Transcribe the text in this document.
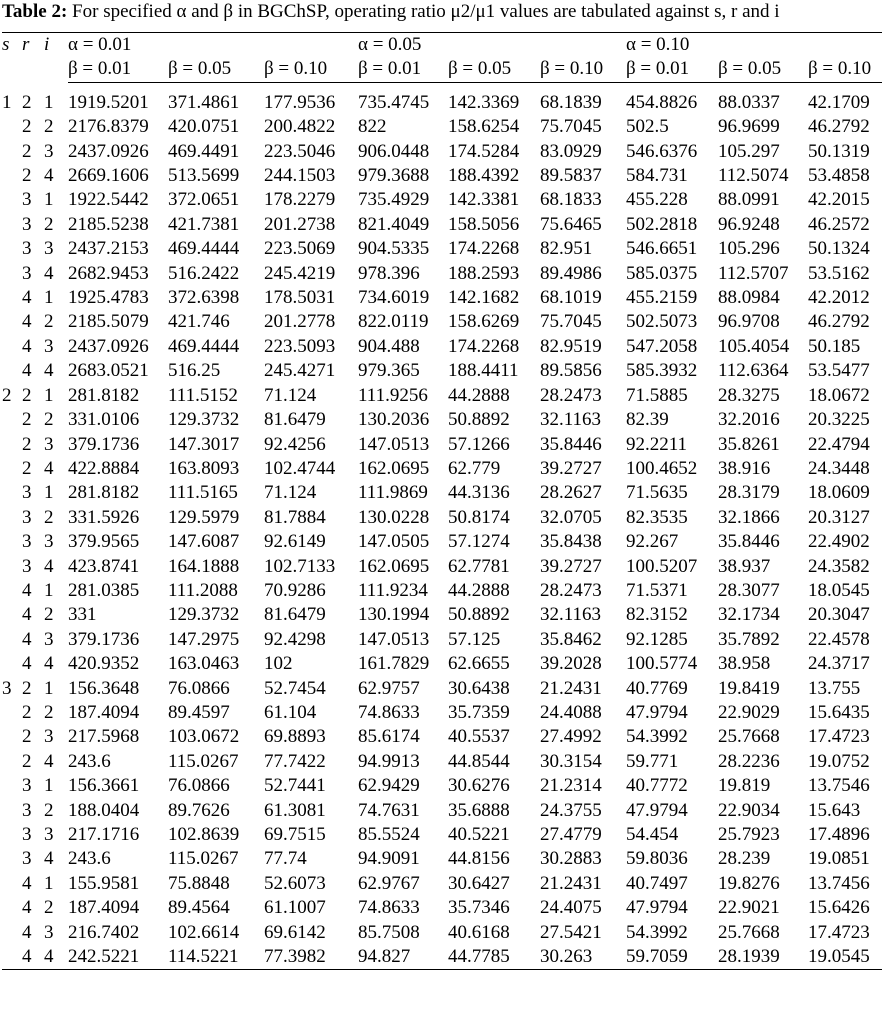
Table 2: For specified α and β in BGChSP, operating ratio μ2/μ1 values are tabulated against s, r and i

s	r	i	α = 0.01			α = 0.05			α = 0.10		
			β = 0.01	β = 0.05	β = 0.10	β = 0.01	β = 0.05	β = 0.10	β = 0.01	β = 0.05	β = 0.10
1	2	1	1919.5201	371.4861	177.9536	735.4745	142.3369	68.1839	454.8826	88.0337	42.1709
	2	2	2176.8379	420.0751	200.4822	822	158.6254	75.7045	502.5	96.9699	46.2792
	2	3	2437.0926	469.4491	223.5046	906.0448	174.5284	83.0929	546.6376	105.297	50.1319
	2	4	2669.1606	513.5699	244.1503	979.3688	188.4392	89.5837	584.731	112.5074	53.4858
	3	1	1922.5442	372.0651	178.2279	735.4929	142.3381	68.1833	455.228	88.0991	42.2015
	3	2	2185.5238	421.7381	201.2738	821.4049	158.5056	75.6465	502.2818	96.9248	46.2572
	3	3	2437.2153	469.4444	223.5069	904.5335	174.2268	82.951	546.6651	105.296	50.1324
	3	4	2682.9453	516.2422	245.4219	978.396	188.2593	89.4986	585.0375	112.5707	53.5162
	4	1	1925.4783	372.6398	178.5031	734.6019	142.1682	68.1019	455.2159	88.0984	42.2012
	4	2	2185.5079	421.746	201.2778	822.0119	158.6269	75.7045	502.5073	96.9708	46.2792
	4	3	2437.0926	469.4444	223.5093	904.488	174.2268	82.9519	547.2058	105.4054	50.185
	4	4	2683.0521	516.25	245.4271	979.365	188.4411	89.5856	585.3932	112.6364	53.5477
2	2	1	281.8182	111.5152	71.124	111.9256	44.2888	28.2473	71.5885	28.3275	18.0672
	2	2	331.0106	129.3732	81.6479	130.2036	50.8892	32.1163	82.39	32.2016	20.3225
	2	3	379.1736	147.3017	92.4256	147.0513	57.1266	35.8446	92.2211	35.8261	22.4794
	2	4	422.8884	163.8093	102.4744	162.0695	62.779	39.2727	100.4652	38.916	24.3448
	3	1	281.8182	111.5165	71.124	111.9869	44.3136	28.2627	71.5635	28.3179	18.0609
	3	2	331.5926	129.5979	81.7884	130.0228	50.8174	32.0705	82.3535	32.1866	20.3127
	3	3	379.9565	147.6087	92.6149	147.0505	57.1274	35.8438	92.267	35.8446	22.4902
	3	4	423.8741	164.1888	102.7133	162.0695	62.7781	39.2727	100.5207	38.937	24.3582
	4	1	281.0385	111.2088	70.9286	111.9234	44.2888	28.2473	71.5371	28.3077	18.0545
	4	2	331	129.3732	81.6479	130.1994	50.8892	32.1163	82.3152	32.1734	20.3047
	4	3	379.1736	147.2975	92.4298	147.0513	57.125	35.8462	92.1285	35.7892	22.4578
	4	4	420.9352	163.0463	102	161.7829	62.6655	39.2028	100.5774	38.958	24.3717
3	2	1	156.3648	76.0866	52.7454	62.9757	30.6438	21.2431	40.7769	19.8419	13.755
	2	2	187.4094	89.4597	61.104	74.8633	35.7359	24.4088	47.9794	22.9029	15.6435
	2	3	217.5968	103.0672	69.8893	85.6174	40.5537	27.4992	54.3992	25.7668	17.4723
	2	4	243.6	115.0267	77.7422	94.9913	44.8544	30.3154	59.771	28.2236	19.0752
	3	1	156.3661	76.0866	52.7441	62.9429	30.6276	21.2314	40.7772	19.819	13.7546
	3	2	188.0404	89.7626	61.3081	74.7631	35.6888	24.3755	47.9794	22.9034	15.643
	3	3	217.1716	102.8639	69.7515	85.5524	40.5221	27.4779	54.454	25.7923	17.4896
	3	4	243.6	115.0267	77.74	94.9091	44.8156	30.2883	59.8036	28.239	19.0851
	4	1	155.9581	75.8848	52.6073	62.9767	30.6427	21.2431	40.7497	19.8276	13.7456
	4	2	187.4094	89.4564	61.1007	74.8633	35.7346	24.4075	47.9794	22.9021	15.6426
	4	3	216.7402	102.6614	69.6142	85.7508	40.6168	27.5421	54.3992	25.7668	17.4723
	4	4	242.5221	114.5221	77.3982	94.827	44.7785	30.263	59.7059	28.1939	19.0545
